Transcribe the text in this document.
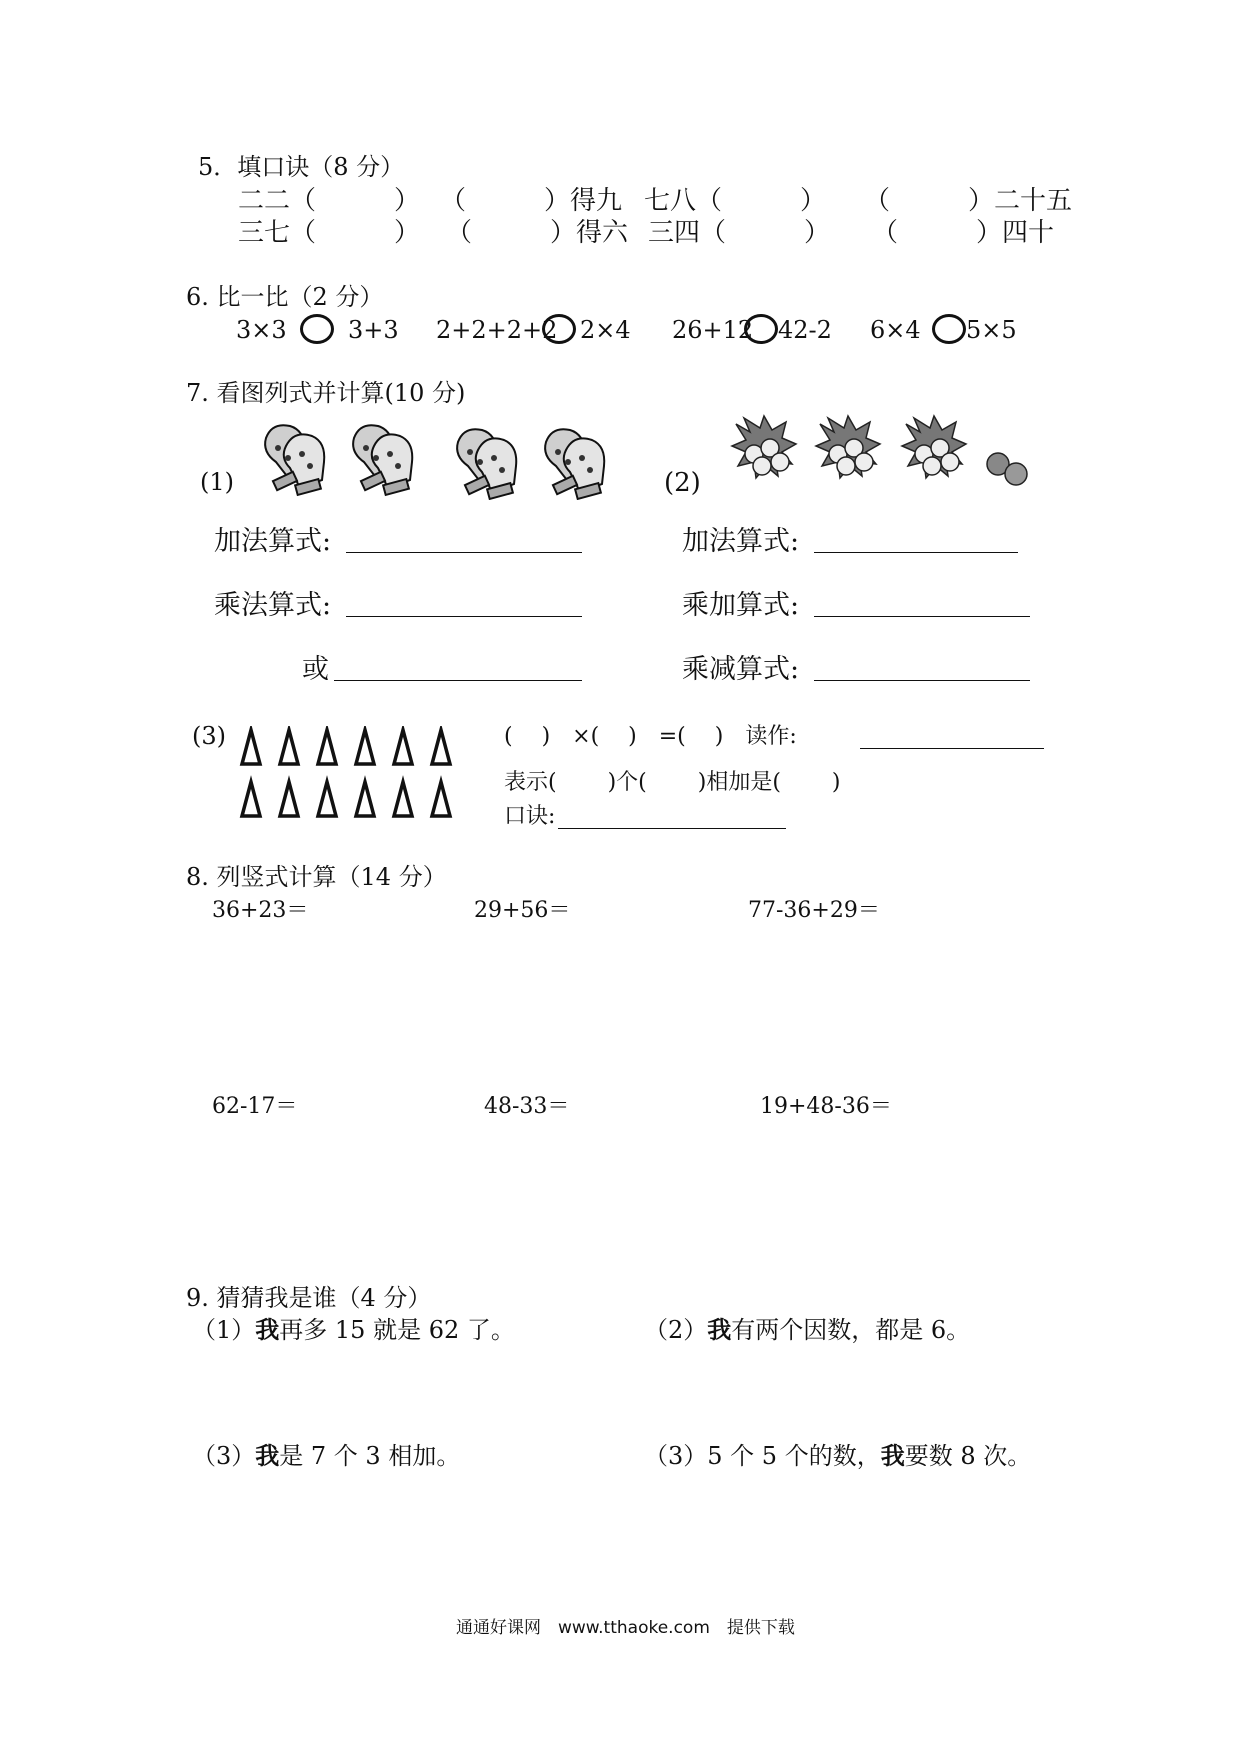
5．填口诀（8 分）
二二（　　　） （　　　）得九 七八（　　　） （　　　）二十五
三七（　　　） （　　　）得六 三四（　　　） （　　　）四十
6. 比一比（2 分）
3×3	3+3 2+2+2+2 2×4 26+12 42-2 6×4 5×5
7. 看图列式并计算(10 分)
(1)	(2)
加法算式:
乘法算式:
或
加法算式:
乘加算式:
乘减算式:
(3)	(　 )　×(　 )　=(　 )　读作:
表示(　　 )个(　　 )相加是(　　 )
口诀:
8. 列竖式计算（14 分）
36+23＝	29+56＝	77-36+29＝
62-17＝	48-33＝	19+48-36＝
9. 猜猜我是谁（4 分）
（1）我再多 15 就是 62 了。	（2）我有两个因数，都是 6。
（3）我是 7 个 3 相加。	（3）5 个 5 个的数，我要数 8 次。
通通好课网　www.tthaoke.com　提供下载
